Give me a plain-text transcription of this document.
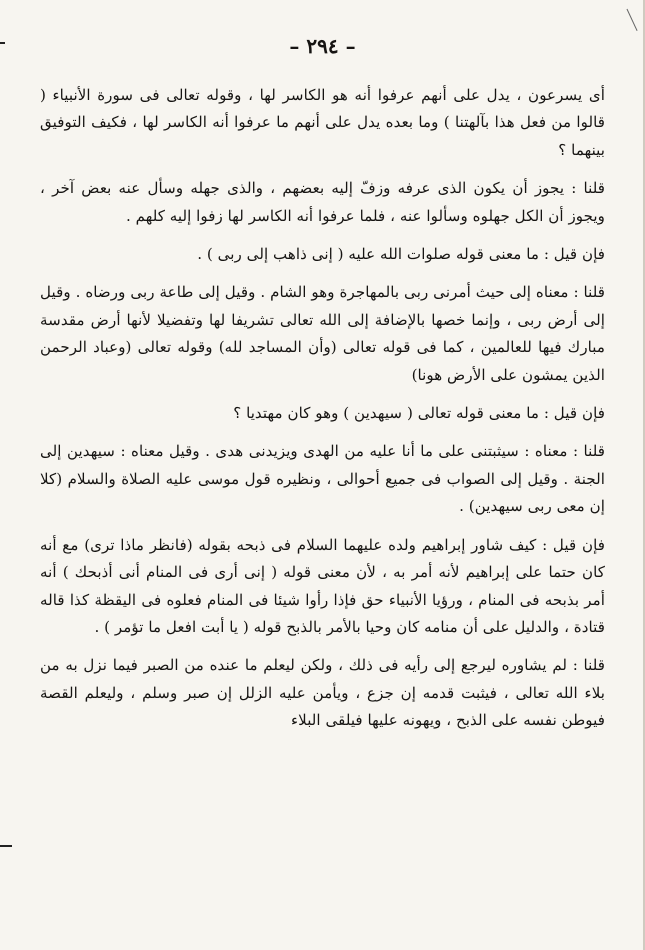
– ٢٩٤ –

أى يسرعون ، يدل على أنهم عرفوا أنه هو الكاسر لها ، وقوله تعالى فى سورة الأنبياء ( قالوا من فعل هذا بآلهتنا ) وما بعده يدل على أنهم ما عرفوا أنه الكاسر لها ، فكيف التوفيق بينهما ؟

قلنا : يجوز أن يكون الذى عرفه وزفّ إليه بعضهم ، والذى جهله وسأل عنه بعض آخر ، ويجوز أن الكل جهلوه وسألوا عنه ، فلما عرفوا أنه الكاسر لها زفوا إليه كلهم .

فإن قيل : ما معنى قوله صلوات الله عليه ( إنى ذاهب إلى ربى ) .

قلنا : معناه إلى حيث أمرنى ربى بالمهاجرة وهو الشام . وقيل إلى طاعة ربى ورضاه . وقيل إلى أرض ربى ، وإنما خصها بالإضافة إلى الله تعالى تشريفا لها وتفضيلا لأنها أرض مقدسة مبارك فيها للعالمين ، كما فى قوله تعالى (وأن المساجد لله) وقوله تعالى (وعباد الرحمن الذين يمشون على الأرض هونا)

فإن قيل : ما معنى قوله تعالى ( سيهدين ) وهو كان مهتديا ؟

قلنا : معناه : سيثبتنى على ما أنا عليه من الهدى ويزيدنى هدى . وقيل معناه : سيهدين إلى الجنة . وقيل إلى الصواب فى جميع أحوالى ، ونظيره قول موسى عليه الصلاة والسلام (كلا إن معى ربى سيهدين) .

فإن قيل : كيف شاور إبراهيم ولده عليهما السلام فى ذبحه بقوله (فانظر ماذا ترى) مع أنه كان حتما على إبراهيم لأنه أمر به ، لأن معنى قوله ( إنى أرى فى المنام أنى أذبحك ) أنه أمر بذبحه فى المنام ، ورؤيا الأنبياء حق فإذا رأوا شيئا فى المنام فعلوه فى اليقظة كذا قاله قتادة ، والدليل على أن منامه كان وحيا بالأمر بالذبح قوله ( يا أبت افعل ما تؤمر ) .

قلنا : لم يشاوره ليرجع إلى رأيه فى ذلك ، ولكن ليعلم ما عنده من الصبر فيما نزل به من بلاء الله تعالى ، فيثبت قدمه إن جزع ، ويأمن عليه الزلل إن صبر وسلم ، وليعلم القصة فيوطن نفسه على الذبح ، ويهونه عليها فيلقى البلاء
